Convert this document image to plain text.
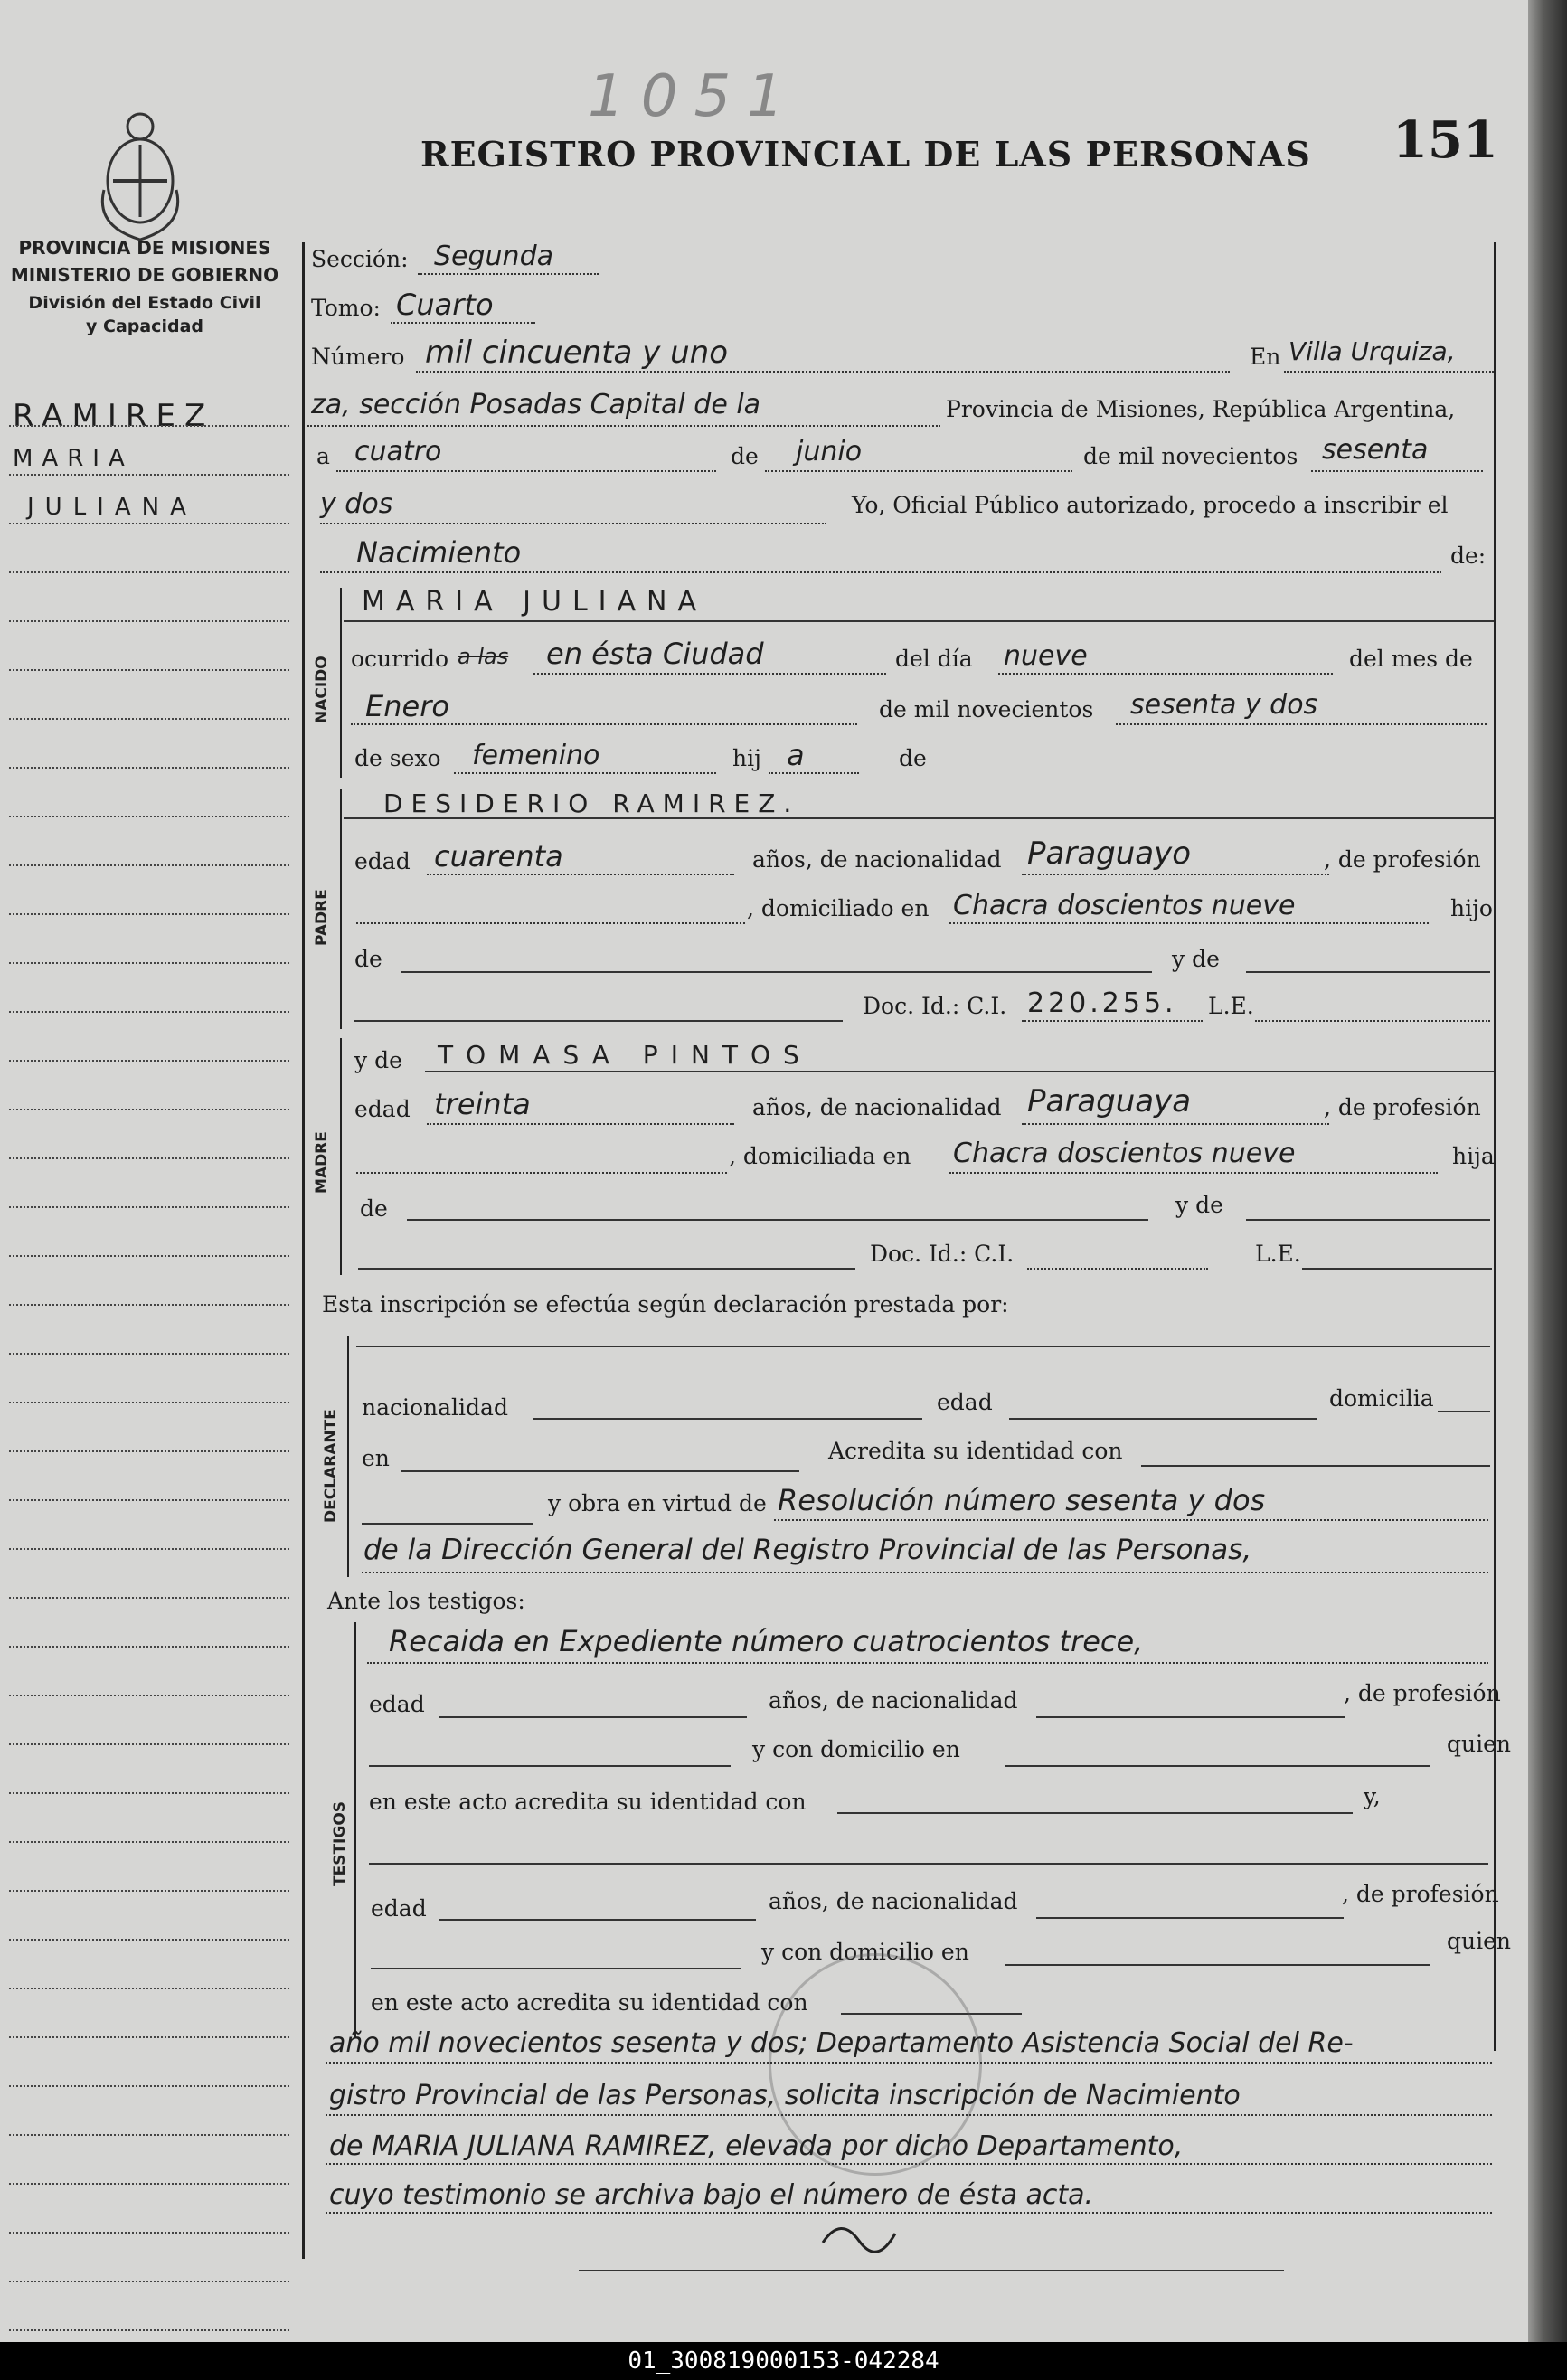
1051
REGISTRO PROVINCIAL DE LAS PERSONAS 151
PROVINCIA DE MISIONES
MINISTERIO DE GOBIERNO
División del Estado Civil
y Capacidad
RAMIREZ
MARIA
JULIANA
Sección: Segunda
Tomo: Cuarto
Número mil cincuenta y uno	En Villa Urquiza,
za, sección Posadas Capital de la	Provincia de Misiones, República Argentina,
a cuatro	de junio	de mil novecientos sesenta
y dos	Yo, Oficial Público autorizado, procedo a inscribir el
Nacimiento	de:
NACIDO
MARIA JULIANA
ocurrido a las en ésta Ciudad	del día nueve	del mes de
Enero	de mil novecientos sesenta y dos
de sexo femenino	hij a	de
PADRE
DESIDERIO RAMIREZ.
edad cuarenta	años, de nacionalidad Paraguayo	, de profesión
, domiciliado en Chacra doscientos nueve	hijo
de	y de
Doc. Id.: C.I. 220.255. L.E.
MADRE
y de TOMASA PINTOS
edad treinta	años, de nacionalidad Paraguaya	, de profesión
, domiciliada en Chacra doscientos nueve	hija
de	y de
Doc. Id.: C.I.	L.E.
Esta inscripción se efectúa según declaración prestada por:
DECLARANTE
nacionalidad	edad	domicilia
en	Acredita su identidad con
y obra en virtud de Resolución número sesenta y dos
de la Dirección General del Registro Provincial de las Personas,
Ante los testigos:
TESTIGOS
Recaida en Expediente número cuatrocientos trece,
edad	años, de nacionalidad	, de profesión
y con domicilio en	quien
en este acto acredita su identidad con	y,
edad	años, de nacionalidad	, de profesión
y con domicilio en	quien
en este acto acredita su identidad con
año mil novecientos sesenta y dos; Departamento Asistencia Social del Re-
gistro Provincial de las Personas, solicita inscripción de Nacimiento
de MARIA JULIANA RAMIREZ, elevada por dicho Departamento,
cuyo testimonio se archiva bajo el número de ésta acta.
01_300819000153-042284
